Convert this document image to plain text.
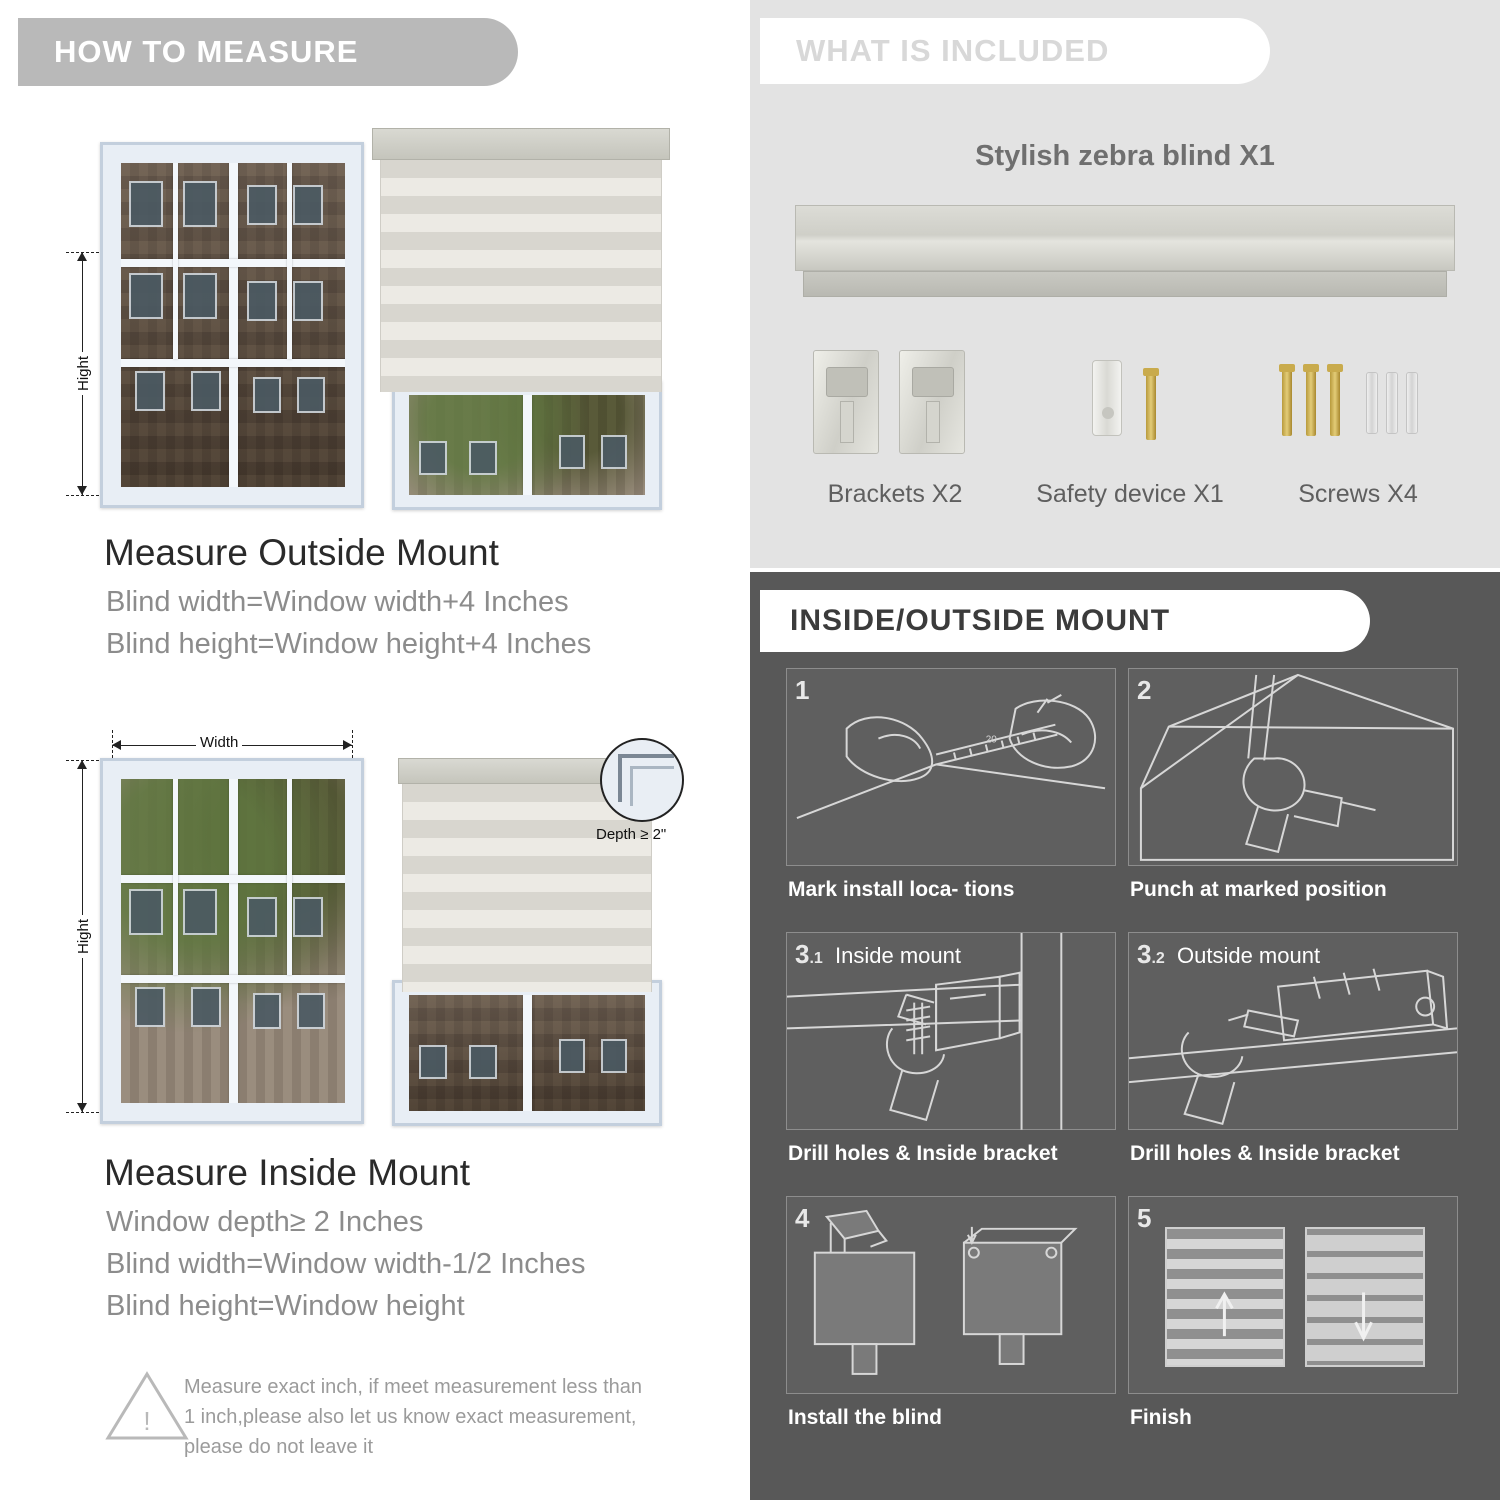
HOW TO MEASURE
Hight
Measure Outside Mount
Blind width=Window width+4 Inches
Blind height=Window height+4 Inches
Width
Hight
Depth ≥ 2"
Measure Inside Mount
Window depth≥ 2 Inches
Blind width=Window width-1/2 Inches
Blind height=Window height
!
Measure exact inch, if meet measurement less than 1 inch,please also let us know exact measurement, please do not leave it
WHAT IS INCLUDED
Stylish zebra blind X1
Brackets X2	Safety device X1	Screws X4
INSIDE/OUTSIDE MOUNT
1
20
Mark install loca- tions
2
Punch at marked position
3.1 Inside mount
Drill holes & Inside bracket
3.2 Outside mount
Drill holes & Inside bracket
4
Install the blind
5
Finish
